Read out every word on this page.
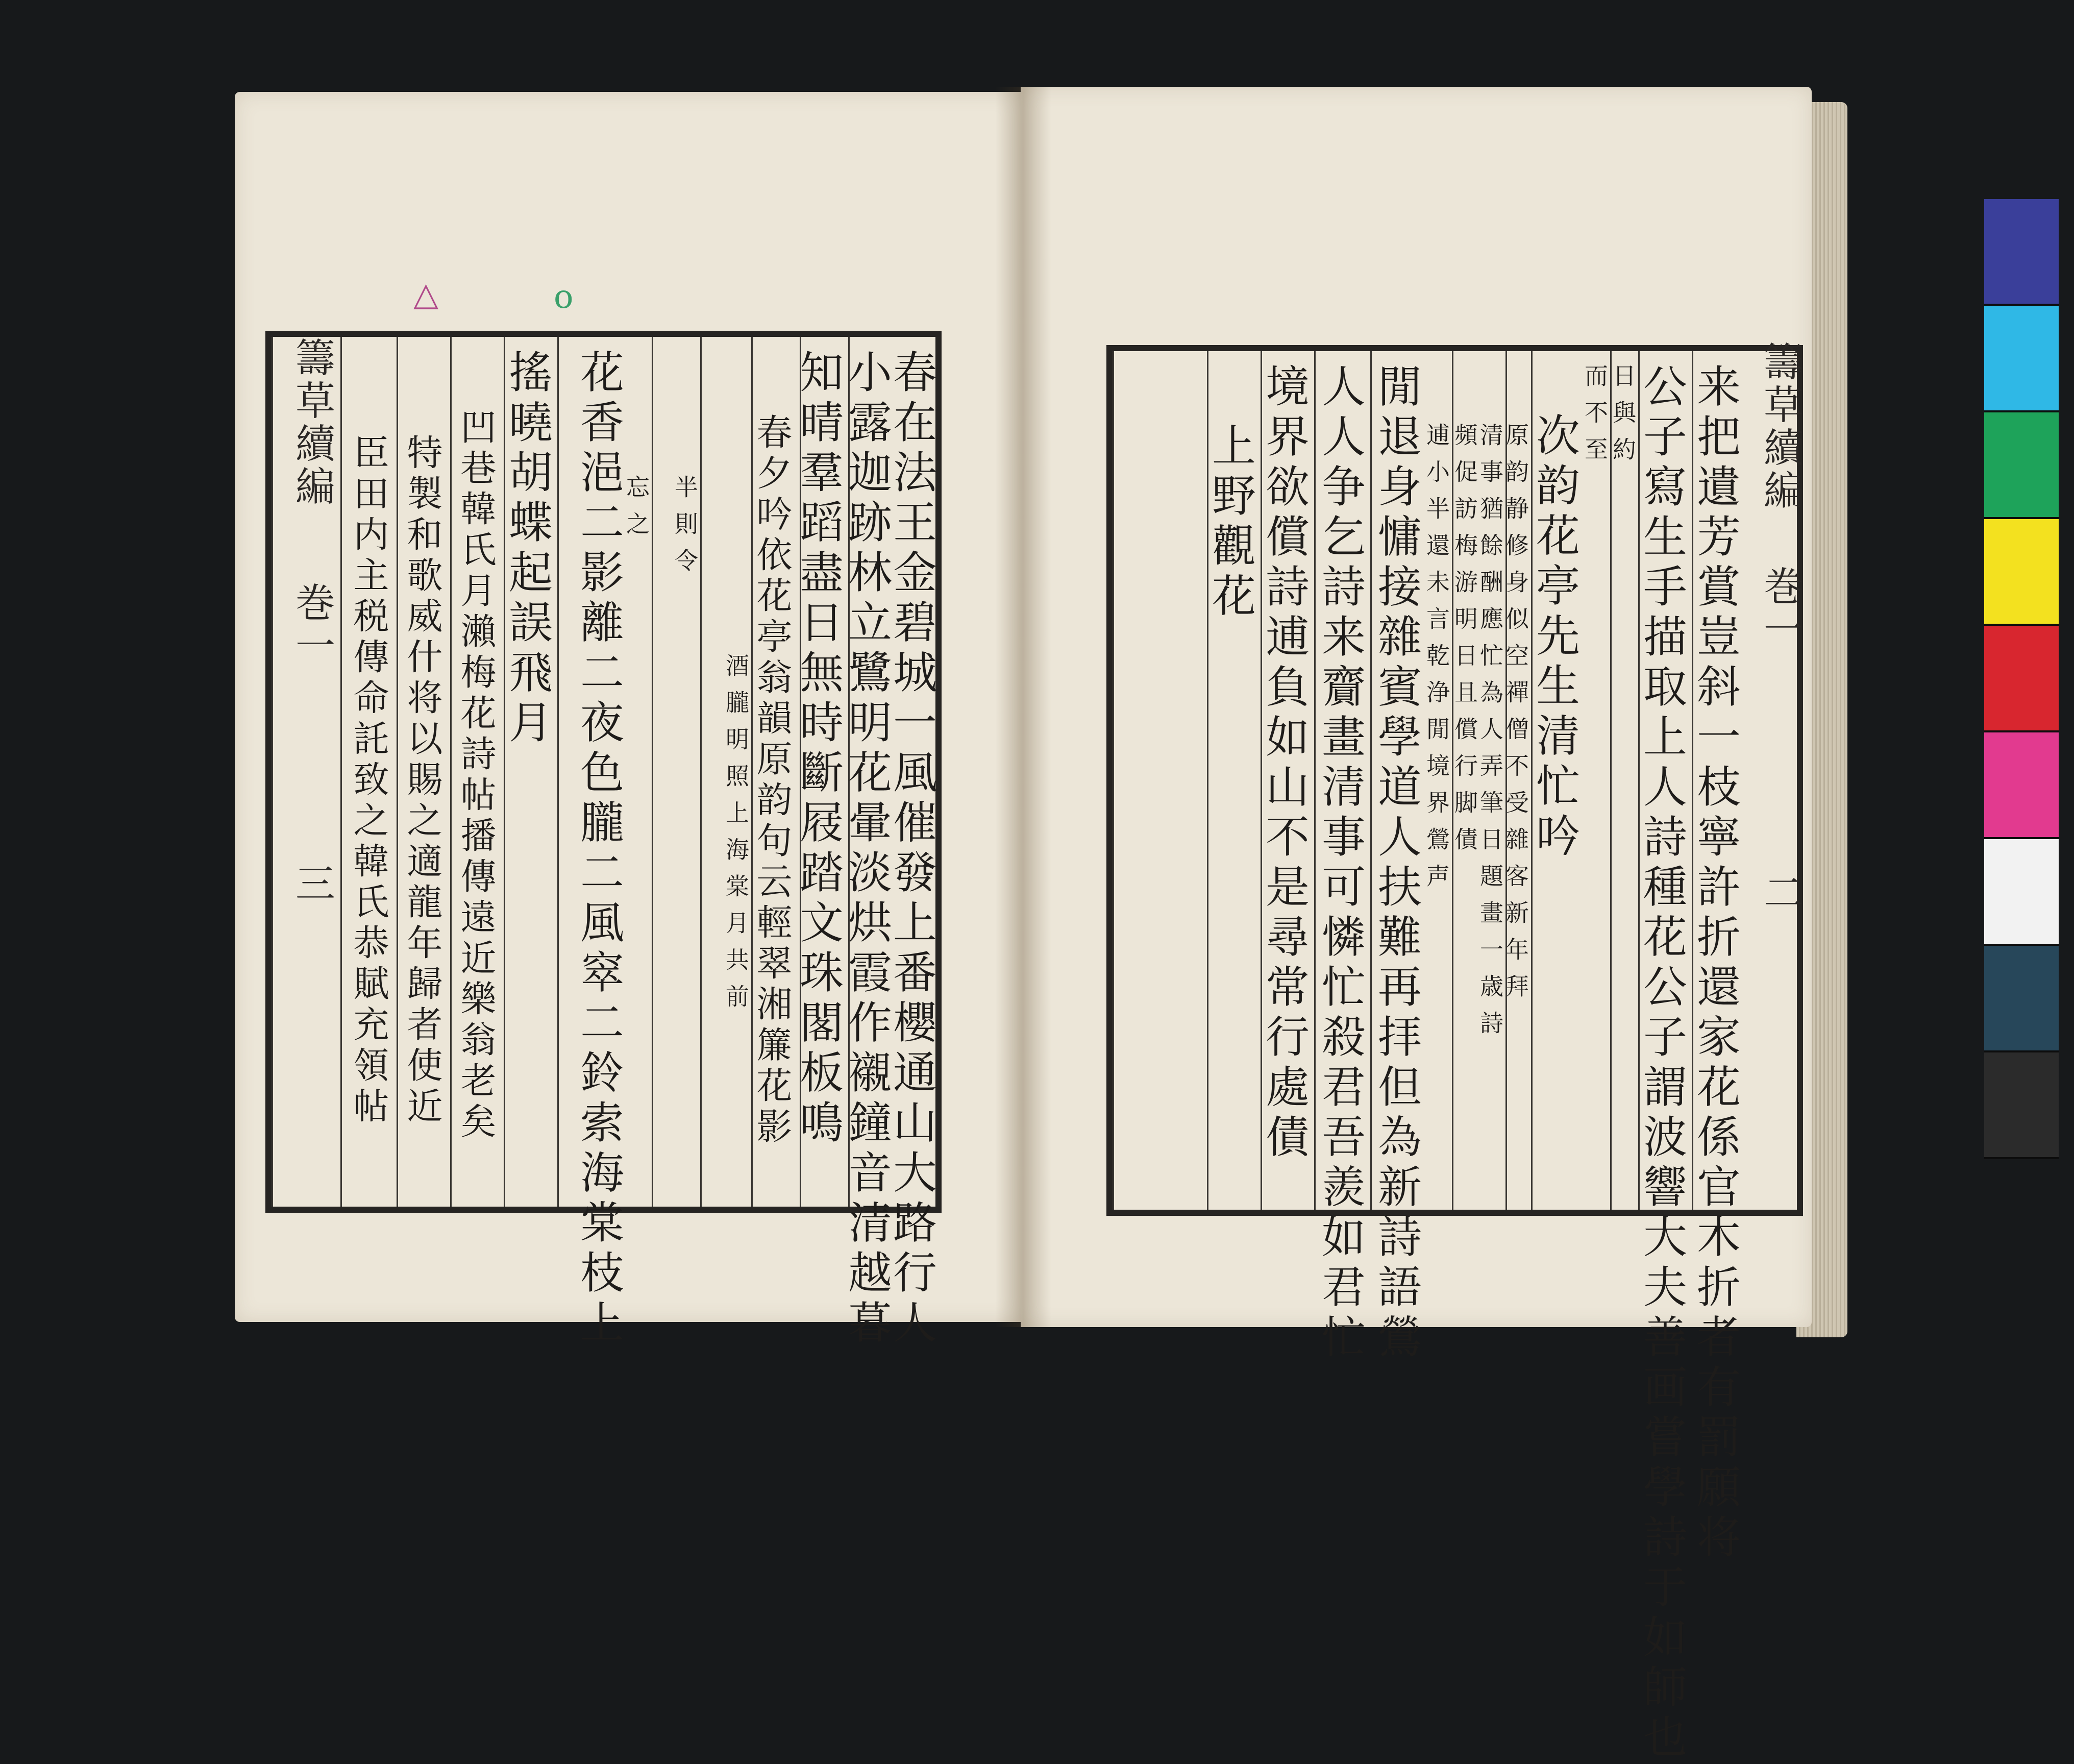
△	o
春在法王金碧城一風催發上番櫻通山大路行人
小露迦跡林立鷺明花暈淡烘霞作襯鐘音清越暮
知晴羣蹈盡日無時斷屐踏文珠閣板鳴
春夕吟依花亭翁韻原韵句云輕翠湘簾花影
酒朧明照上海棠月共前
半則令
忘之
花香浥二影離二夜色朧二風窣二鈴索海棠枝上
搖曉胡蝶起誤飛月
凹巷韓氏月瀨梅花詩帖播傳遠近樂翁老矣
特製和歌威什将以賜之適龍年歸者使近
臣田内主税傳命託致之韓氏恭賦充領帖
籌草續編
巻一
三
籌草續編
巻一
二
来把遺芳賞豈斜一枝寧許折還家花係官木折者有罰願将
公子寫生手描取上人詩種花公子謂波響大夫善画嘗學詩于如師也
日與約
而不至
次韵花亭先生清忙吟
原韵静修身似空禪僧不受雜客新年拜
清事猶餘酬應忙為人弄筆日題畫一歳詩
頻促訪梅游明日且償行脚債
逋小半還未言乾浄閒境界鶯声
閒退身慵接雜賓學道人扶難再拝但為新詩語鶯
人人争乞詩来齎畫清事可憐忙殺君吾羨如君忙
境界欲償詩逋負如山不是尋常行處債
上野觀花
